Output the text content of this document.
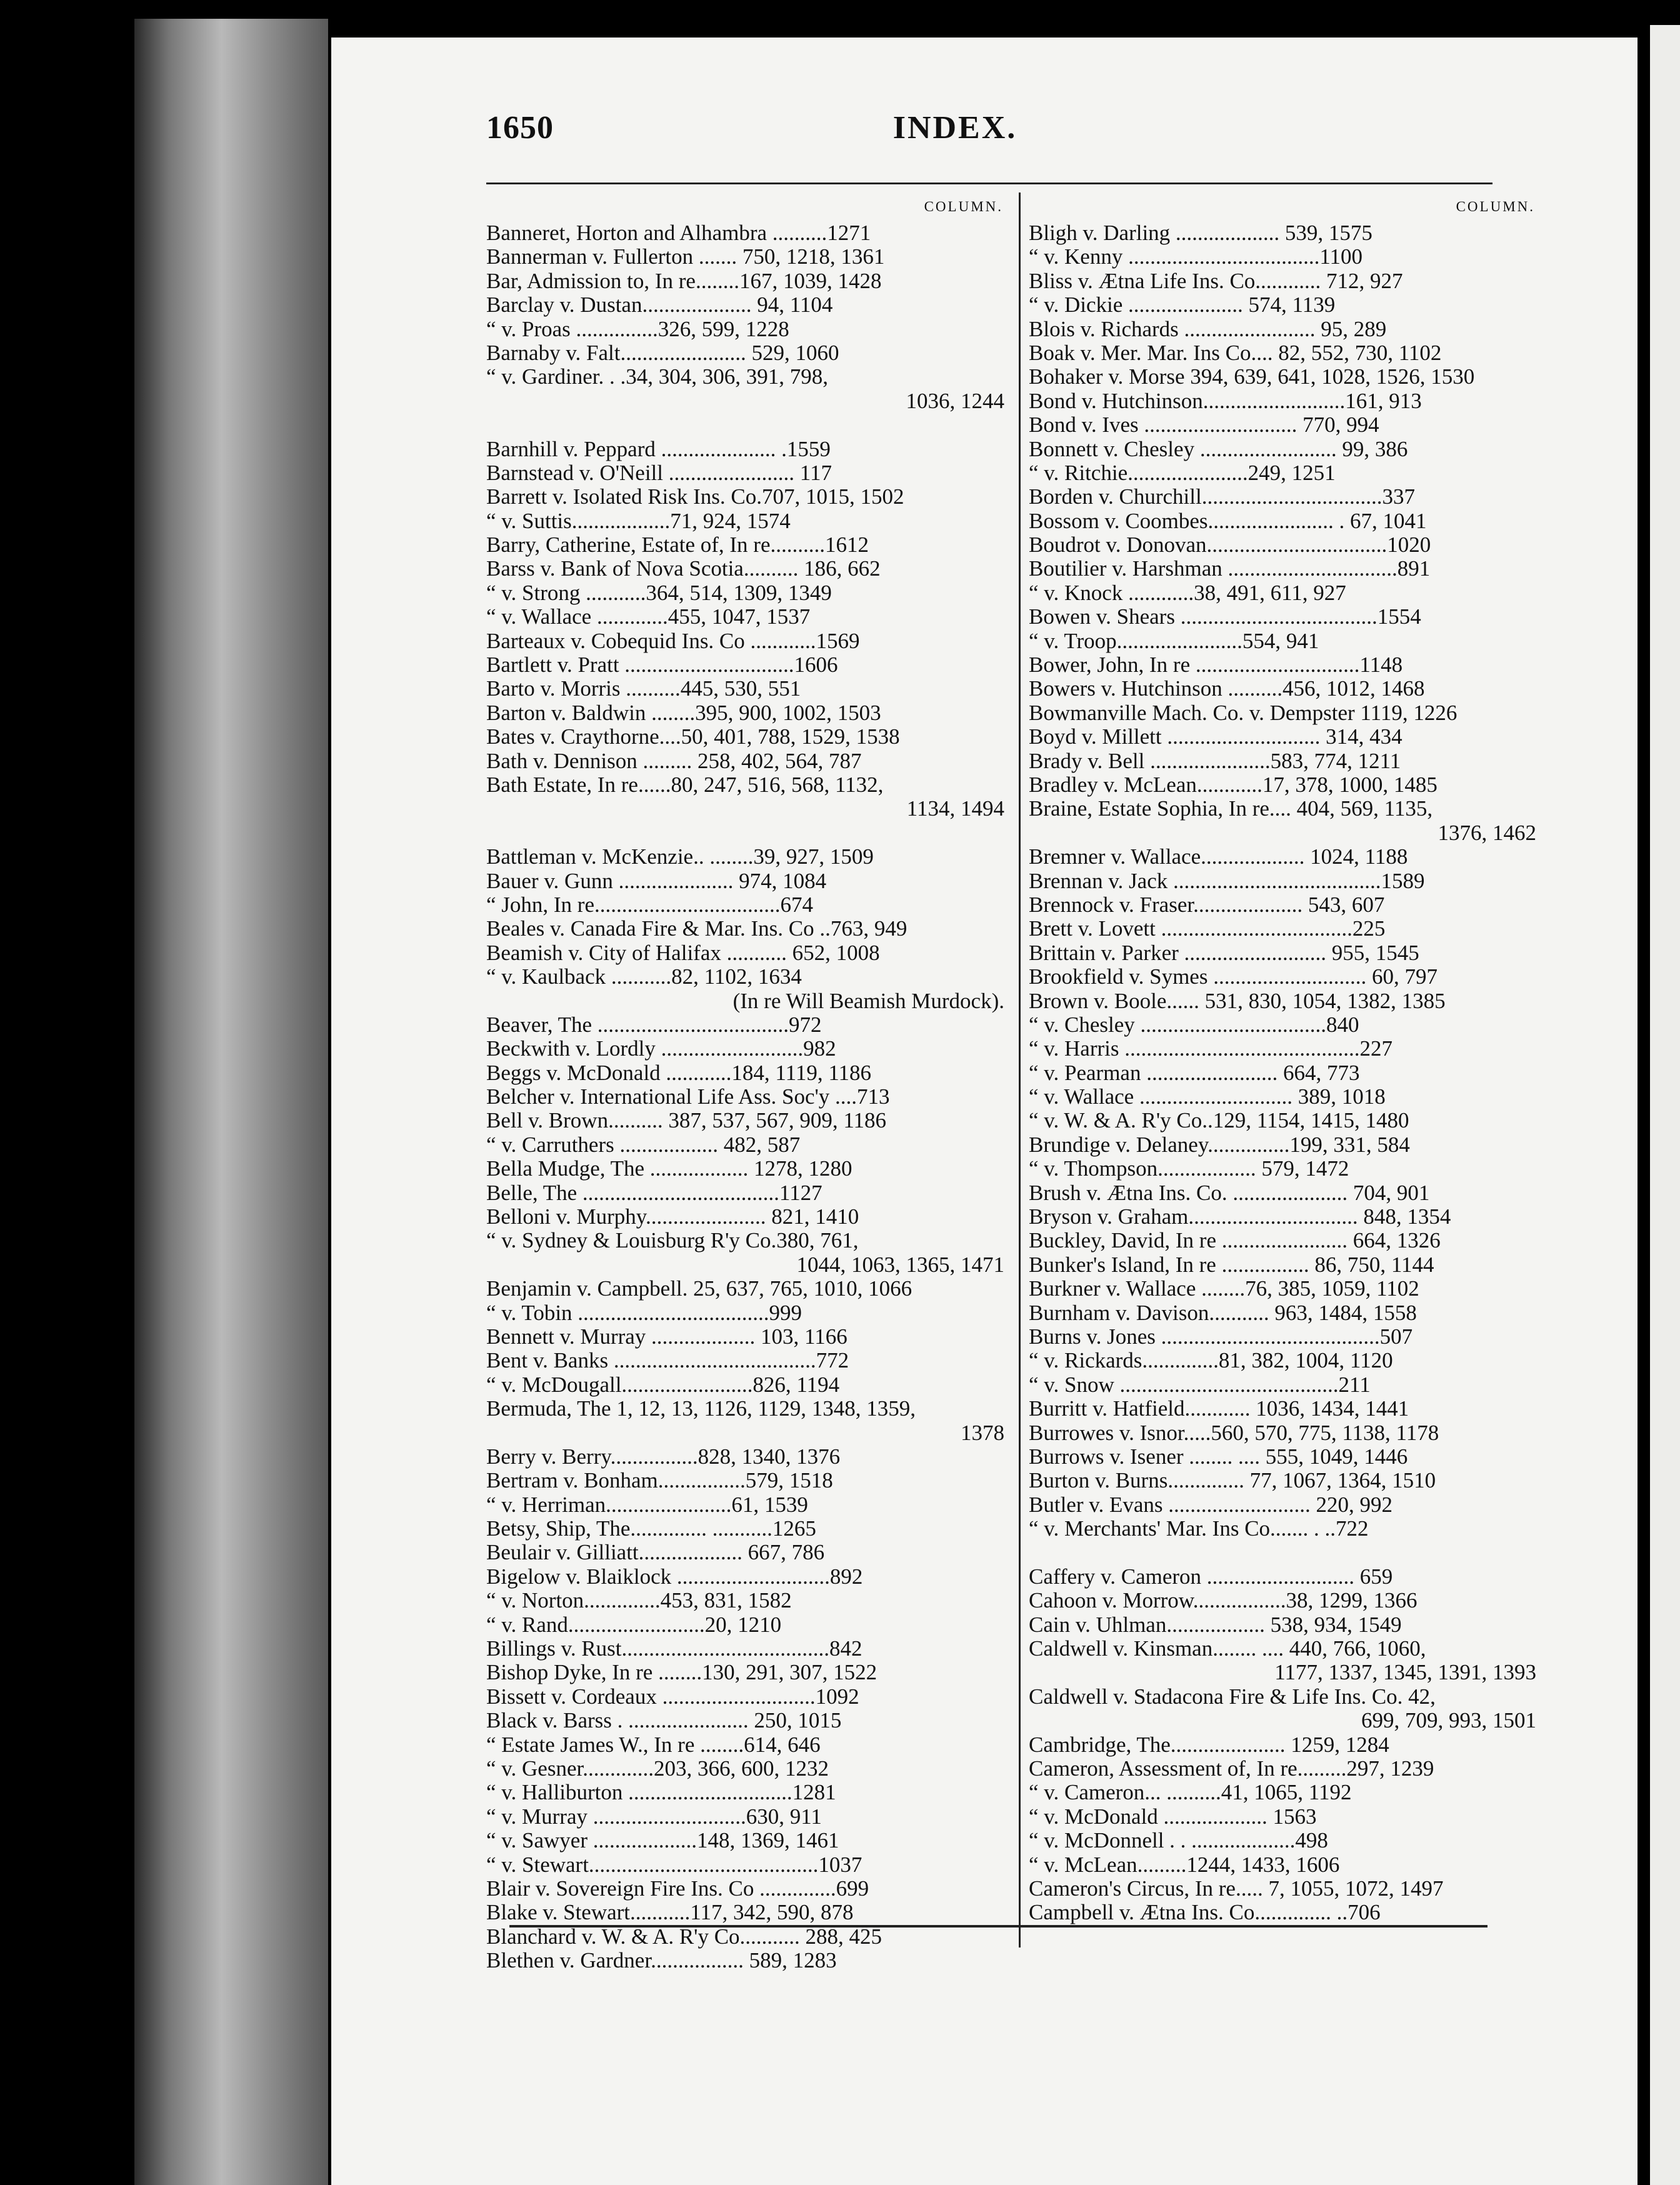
1650	INDEX.
COLUMN.
Banneret, Horton and Alhambra ..........1271
Bannerman v. Fullerton ....... 750, 1218, 1361
Bar, Admission to, In re........167, 1039, 1428
Barclay v. Dustan.................... 94, 1104
“ v. Proas ...............326, 599, 1228
Barnaby v. Falt....................... 529, 1060
“ v. Gardiner. . .34, 304, 306, 391, 798,
1036, 1244
Barnhill v. Peppard ..................... .1559
Barnstead v. O'Neill ....................... 117
Barrett v. Isolated Risk Ins. Co.707, 1015, 1502
“ v. Suttis..................71, 924, 1574
Barry, Catherine, Estate of, In re..........1612
Barss v. Bank of Nova Scotia.......... 186, 662
“ v. Strong ...........364, 514, 1309, 1349
“ v. Wallace .............455, 1047, 1537
Barteaux v. Cobequid Ins. Co ............1569
Bartlett v. Pratt ...............................1606
Barto v. Morris ..........445, 530, 551
Barton v. Baldwin ........395, 900, 1002, 1503
Bates v. Craythorne....50, 401, 788, 1529, 1538
Bath v. Dennison ......... 258, 402, 564, 787
Bath Estate, In re......80, 247, 516, 568, 1132,
1134, 1494
Battleman v. McKenzie.. ........39, 927, 1509
Bauer v. Gunn ..................... 974, 1084
“ John, In re..................................674
Beales v. Canada Fire & Mar. Ins. Co ..763, 949
Beamish v. City of Halifax ........... 652, 1008
“ v. Kaulback ...........82, 1102, 1634
(In re Will Beamish Murdock).
Beaver, The ...................................972
Beckwith v. Lordly ..........................982
Beggs v. McDonald ............184, 1119, 1186
Belcher v. International Life Ass. Soc'y ....713
Bell v. Brown.......... 387, 537, 567, 909, 1186
“ v. Carruthers .................. 482, 587
Bella Mudge, The .................. 1278, 1280
Belle, The ....................................1127
Belloni v. Murphy...................... 821, 1410
“ v. Sydney & Louisburg R'y Co.380, 761,
1044, 1063, 1365, 1471
Benjamin v. Campbell. 25, 637, 765, 1010, 1066
“ v. Tobin ...................................999
Bennett v. Murray ................... 103, 1166
Bent v. Banks .....................................772
“ v. McDougall........................826, 1194
Bermuda, The 1, 12, 13, 1126, 1129, 1348, 1359,
1378
Berry v. Berry................828, 1340, 1376
Bertram v. Bonham................579, 1518
“ v. Herriman.......................61, 1539
Betsy, Ship, The.............. ...........1265
Beulair v. Gilliatt................... 667, 786
Bigelow v. Blaiklock ............................892
“ v. Norton..............453, 831, 1582
“ v. Rand.........................20, 1210
Billings v. Rust......................................842
Bishop Dyke, In re ........130, 291, 307, 1522
Bissett v. Cordeaux ............................1092
Black v. Barss . ...................... 250, 1015
“ Estate James W., In re ........614, 646
“ v. Gesner.............203, 366, 600, 1232
“ v. Halliburton ..............................1281
“ v. Murray ............................630, 911
“ v. Sawyer ...................148, 1369, 1461
“ v. Stewart..........................................1037
Blair v. Sovereign Fire Ins. Co ..............699
Blake v. Stewart...........117, 342, 590, 878
Blanchard v. W. & A. R'y Co........... 288, 425
Blethen v. Gardner................. 589, 1283
COLUMN.
Bligh v. Darling ................... 539, 1575
“ v. Kenny ...................................1100
Bliss v. Ætna Life Ins. Co............ 712, 927
“ v. Dickie ..................... 574, 1139
Blois v. Richards ........................ 95, 289
Boak v. Mer. Mar. Ins Co.... 82, 552, 730, 1102
Bohaker v. Morse 394, 639, 641, 1028, 1526, 1530
Bond v. Hutchinson..........................161, 913
Bond v. Ives ............................ 770, 994
Bonnett v. Chesley ......................... 99, 386
“ v. Ritchie......................249, 1251
Borden v. Churchill.................................337
Bossom v. Coombes....................... . 67, 1041
Boudrot v. Donovan.................................1020
Boutilier v. Harshman ...............................891
“ v. Knock ............38, 491, 611, 927
Bowen v. Shears ....................................1554
“ v. Troop.......................554, 941
Bower, John, In re ..............................1148
Bowers v. Hutchinson ..........456, 1012, 1468
Bowmanville Mach. Co. v. Dempster 1119, 1226
Boyd v. Millett ............................ 314, 434
Brady v. Bell ......................583, 774, 1211
Bradley v. McLean............17, 378, 1000, 1485
Braine, Estate Sophia, In re.... 404, 569, 1135,
1376, 1462
Bremner v. Wallace................... 1024, 1188
Brennan v. Jack ......................................1589
Brennock v. Fraser.................... 543, 607
Brett v. Lovett ...................................225
Brittain v. Parker .......................... 955, 1545
Brookfield v. Symes ............................ 60, 797
Brown v. Boole...... 531, 830, 1054, 1382, 1385
“ v. Chesley ..................................840
“ v. Harris ...........................................227
“ v. Pearman ........................ 664, 773
“ v. Wallace ............................ 389, 1018
“ v. W. & A. R'y Co..129, 1154, 1415, 1480
Brundige v. Delaney...............199, 331, 584
“ v. Thompson.................. 579, 1472
Brush v. Ætna Ins. Co. ..................... 704, 901
Bryson v. Graham............................... 848, 1354
Buckley, David, In re ....................... 664, 1326
Bunker's Island, In re ................ 86, 750, 1144
Burkner v. Wallace ........76, 385, 1059, 1102
Burnham v. Davison........... 963, 1484, 1558
Burns v. Jones ........................................507
“ v. Rickards..............81, 382, 1004, 1120
“ v. Snow ........................................211
Burritt v. Hatfield............ 1036, 1434, 1441
Burrowes v. Isnor.....560, 570, 775, 1138, 1178
Burrows v. Isener ........ .... 555, 1049, 1446
Burton v. Burns.............. 77, 1067, 1364, 1510
Butler v. Evans .......................... 220, 992
“ v. Merchants' Mar. Ins Co....... . ..722
Caffery v. Cameron ........................... 659
Cahoon v. Morrow.................38, 1299, 1366
Cain v. Uhlman.................. 538, 934, 1549
Caldwell v. Kinsman........ .... 440, 766, 1060,
1177, 1337, 1345, 1391, 1393
Caldwell v. Stadacona Fire & Life Ins. Co. 42,
699, 709, 993, 1501
Cambridge, The..................... 1259, 1284
Cameron, Assessment of, In re.........297, 1239
“ v. Cameron... ..........41, 1065, 1192
“ v. McDonald ................... 1563
“ v. McDonnell . . ...................498
“ v. McLean.........1244, 1433, 1606
Cameron's Circus, In re..... 7, 1055, 1072, 1497
Campbell v. Ætna Ins. Co.............. ..706
